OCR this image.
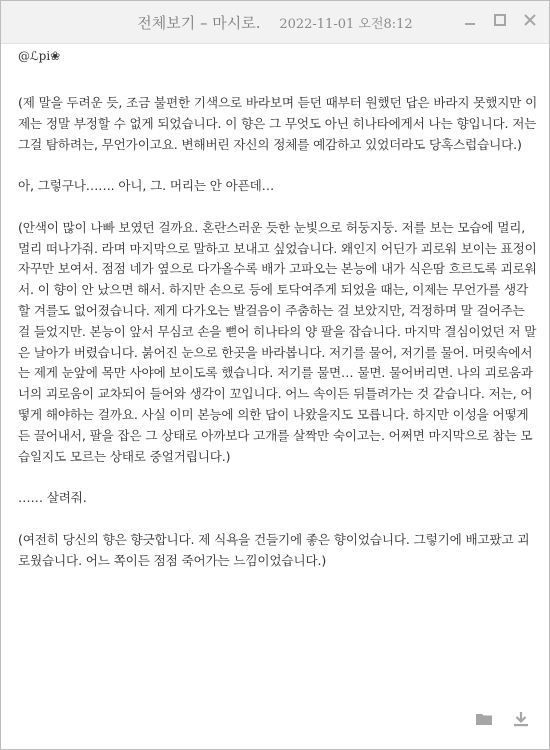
전체보기 – 마시로. 2022-11-01 오전8:12
@ℒpi❀

(제 말을 두려운 듯, 조금 불편한 기색으로 바라보며 듣던 때부터 원했던 답은 바라지 못했지만 이제는 정말 부정할 수 없게 되었습니다. 이 향은 그 무엇도 아닌 히나타에게서 나는 향입니다. 저는 그걸 탐하려는, 무언가이고요. 변해버린 자신의 정체를 예감하고 있었더라도 당혹스럽습니다.)

아, 그렇구나……. 아니, 그. 머리는 안 아픈데…

(안색이 많이 나빠 보였던 걸까요. 혼란스러운 듯한 눈빛으로 허둥지둥. 저를 보는 모습에 멀리, 멀리 떠나가줘. 라며 마지막으로 말하고 보내고 싶었습니다. 왜인지 어딘가 괴로워 보이는 표정이 자꾸만 보여서. 점점 네가 옆으로 다가올수록 배가 고파오는 본능에 내가 식은땀 흐르도록 괴로워서. 이 향이 안 났으면 해서. 하지만 손으로 등에 토닥여주게 되었을 때는, 이제는 무언가를 생각할 겨를도 없어졌습니다. 제게 다가오는 발걸음이 주춤하는 걸 보았지만, 걱정하며 말 걸어주는 걸 들었지만. 본능이 앞서 무심코 손을 뻗어 히나타의 양 팔을 잡습니다. 마지막 결심이었던 저 말은 날아가 버렸습니다. 붉어진 눈으로 한곳을 바라봅니다. 저기를 물어, 저기를 물어. 머릿속에서는 제게 눈앞에 목만 사야에 보이도록 했습니다. 저기를 물면… 물면. 물어버리면. 나의 괴로움과 너의 괴로움이 교차되어 들어와 생각이 꼬입니다. 어느 속이든 뒤틀려가는 것 같습니다. 저는, 어떻게 해야하는 걸까요. 사실 이미 본능에 의한 답이 나왔을지도 모릅니다. 하지만 이성을 어떻게든 끌어내서, 팔을 잡은 그 상태로 아까보다 고개를 살짝만 숙이고는. 어쩌면 마지막으로 참는 모습일지도 모르는 상태로 중얼거립니다.)

…… 살려줘.

(여전히 당신의 향은 향긋합니다. 제 식욕을 건들기에 좋은 향이었습니다. 그렇기에 배고팠고 괴로웠습니다. 어느 쪽이든 점점 죽어가는 느낌이었습니다.)
